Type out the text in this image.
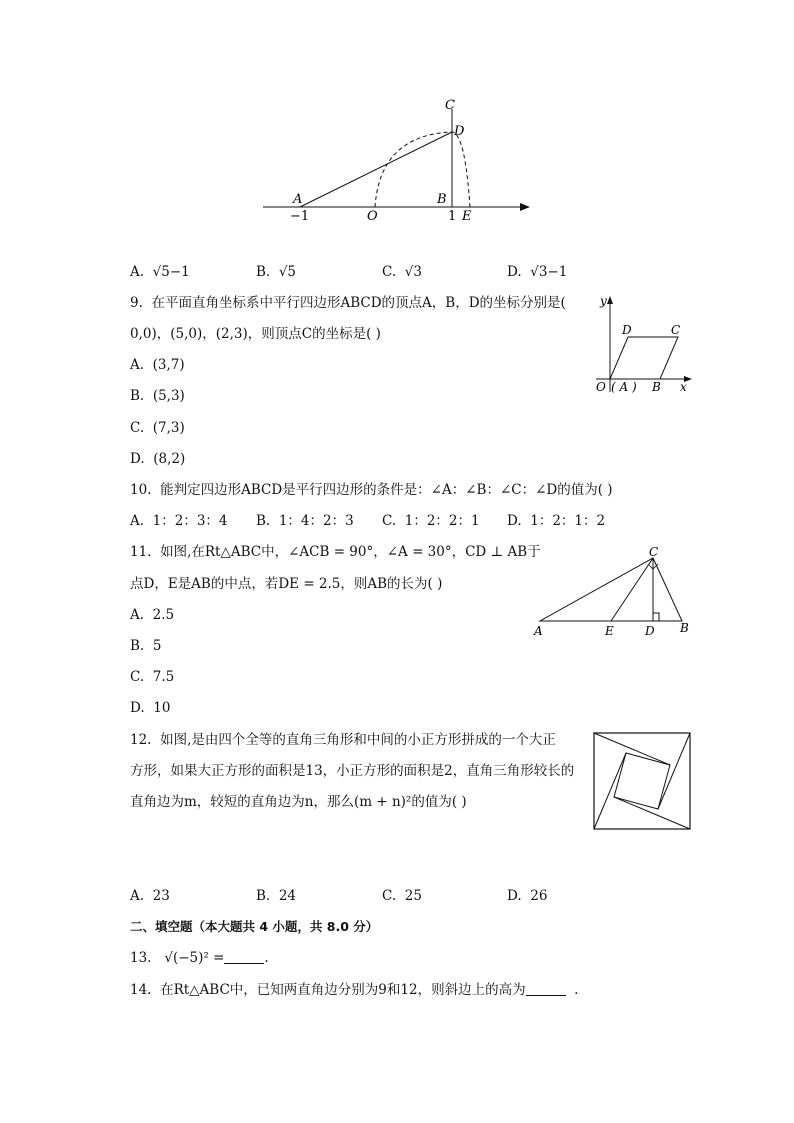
C
D
A	B
O	E
−1	1
A. √5−1	B. √5	C. √3	D. √3−1
9. 在平面直角坐标系中平行四边形ABCD的顶点A，B，D的坐标分别是(
0,0)，(5,0)，(2,3)，则顶点C的坐标是( )
A. (3,7)
B. (5,3)
C. (7,3)
D. (8,2)
y
x
D	C
O ( A ) B
10. 能判定四边形ABCD是平行四边形的条件是：∠A：∠B：∠C：∠D的值为( )
A. 1：2：3：4 B. 1：4：2：3 C. 1：2：2：1 D. 1：2：1：2
11. 如图,在Rt△ABC中，∠ACB = 90°，∠A = 30°，CD ⊥ AB于
点D，E是AB的中点，若DE = 2.5，则AB的长为( )
A. 2.5
B. 5
C. 7.5
D. 10
C
A	E	D B
12. 如图,是由四个全等的直角三角形和中间的小正方形拼成的一个大正
方形，如果大正方形的面积是13，小正方形的面积是2，直角三角形较长的
直角边为m，较短的直角边为n，那么(m + n)²的值为( )
A. 23	B. 24	C. 25	D. 26
二、填空题（本大题共 4 小题，共 8.0 分）
13. √(−5)² =	.
14. 在Rt△ABC中，已知两直角边分别为9和12，则斜边上的高为	.
